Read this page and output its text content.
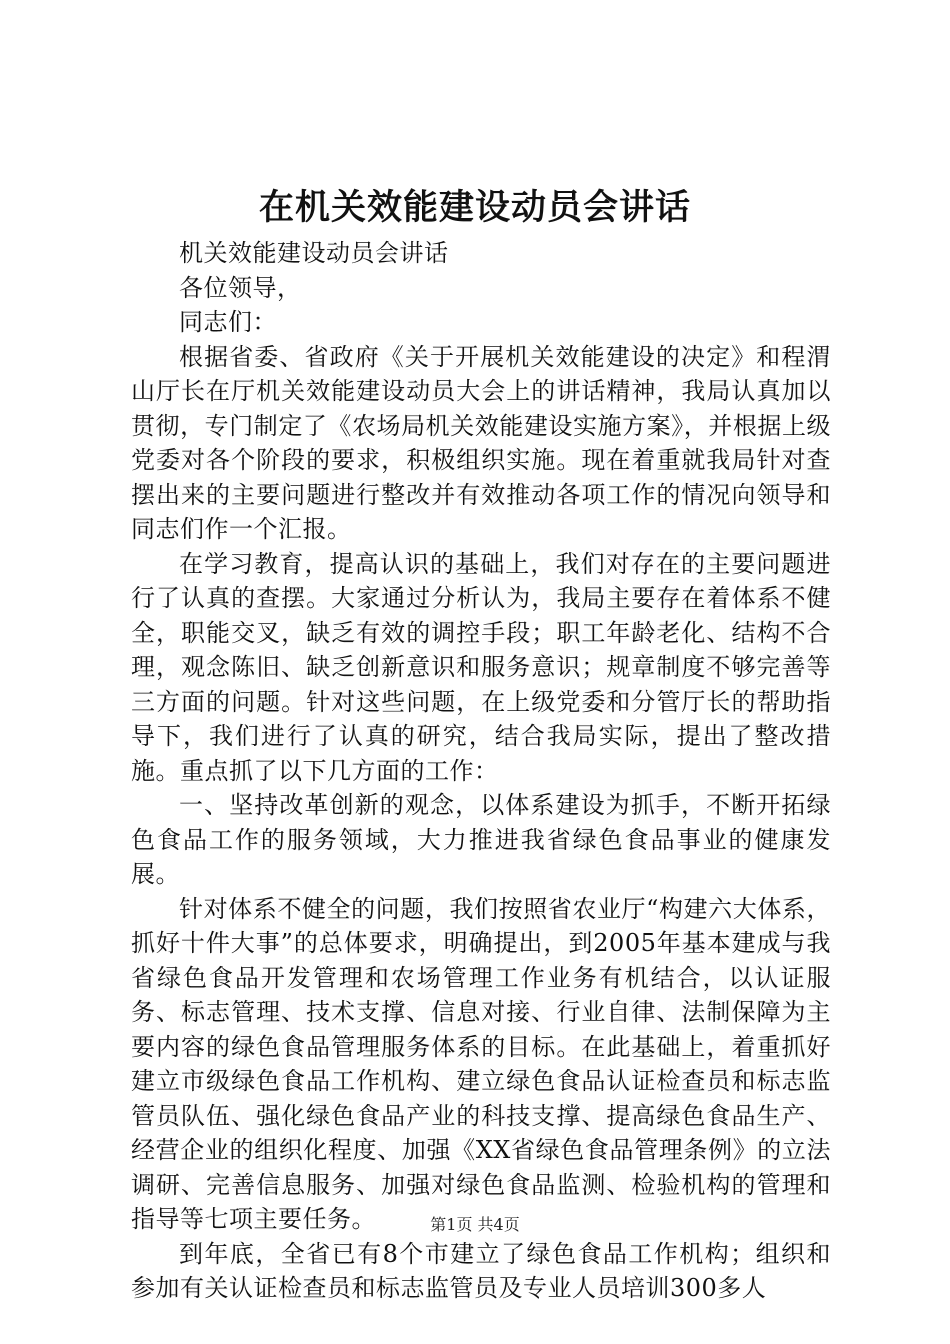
在机关效能建设动员会讲话

机关效能建设动员会讲话

各位领导，

同志们：

根据省委、省政府《关于开展机关效能建设的决定》和程渭山厅长在厅机关效能建设动员大会上的讲话精神，我局认真加以贯彻，专门制定了《农场局机关效能建设实施方案》，并根据上级党委对各个阶段的要求，积极组织实施。现在着重就我局针对查摆出来的主要问题进行整改并有效推动各项工作的情况向领导和同志们作一个汇报。

在学习教育，提高认识的基础上，我们对存在的主要问题进行了认真的查摆。大家通过分析认为，我局主要存在着体系不健全，职能交叉，缺乏有效的调控手段；职工年龄老化、结构不合理，观念陈旧、缺乏创新意识和服务意识；规章制度不够完善等三方面的问题。针对这些问题，在上级党委和分管厅长的帮助指导下，我们进行了认真的研究，结合我局实际，提出了整改措施。重点抓了以下几方面的工作：

一、坚持改革创新的观念，以体系建设为抓手，不断开拓绿色食品工作的服务领域，大力推进我省绿色食品事业的健康发展。

针对体系不健全的问题，我们按照省农业厅“构建六大体系，抓好十件大事”的总体要求，明确提出，到2005年基本建成与我省绿色食品开发管理和农场管理工作业务有机结合，以认证服务、标志管理、技术支撑、信息对接、行业自律、法制保障为主要内容的绿色食品管理服务体系的目标。在此基础上，着重抓好建立市级绿色食品工作机构、建立绿色食品认证检查员和标志监管员队伍、强化绿色食品产业的科技支撑、提高绿色食品生产、经营企业的组织化程度、加强《XX省绿色食品管理条例》的立法调研、完善信息服务、加强对绿色食品监测、检验机构的管理和指导等七项主要任务。

到年底，全省已有8个市建立了绿色食品工作机构；组织和参加有关认证检查员和标志监管员及专业人员培训300多人

第1页 共4页
